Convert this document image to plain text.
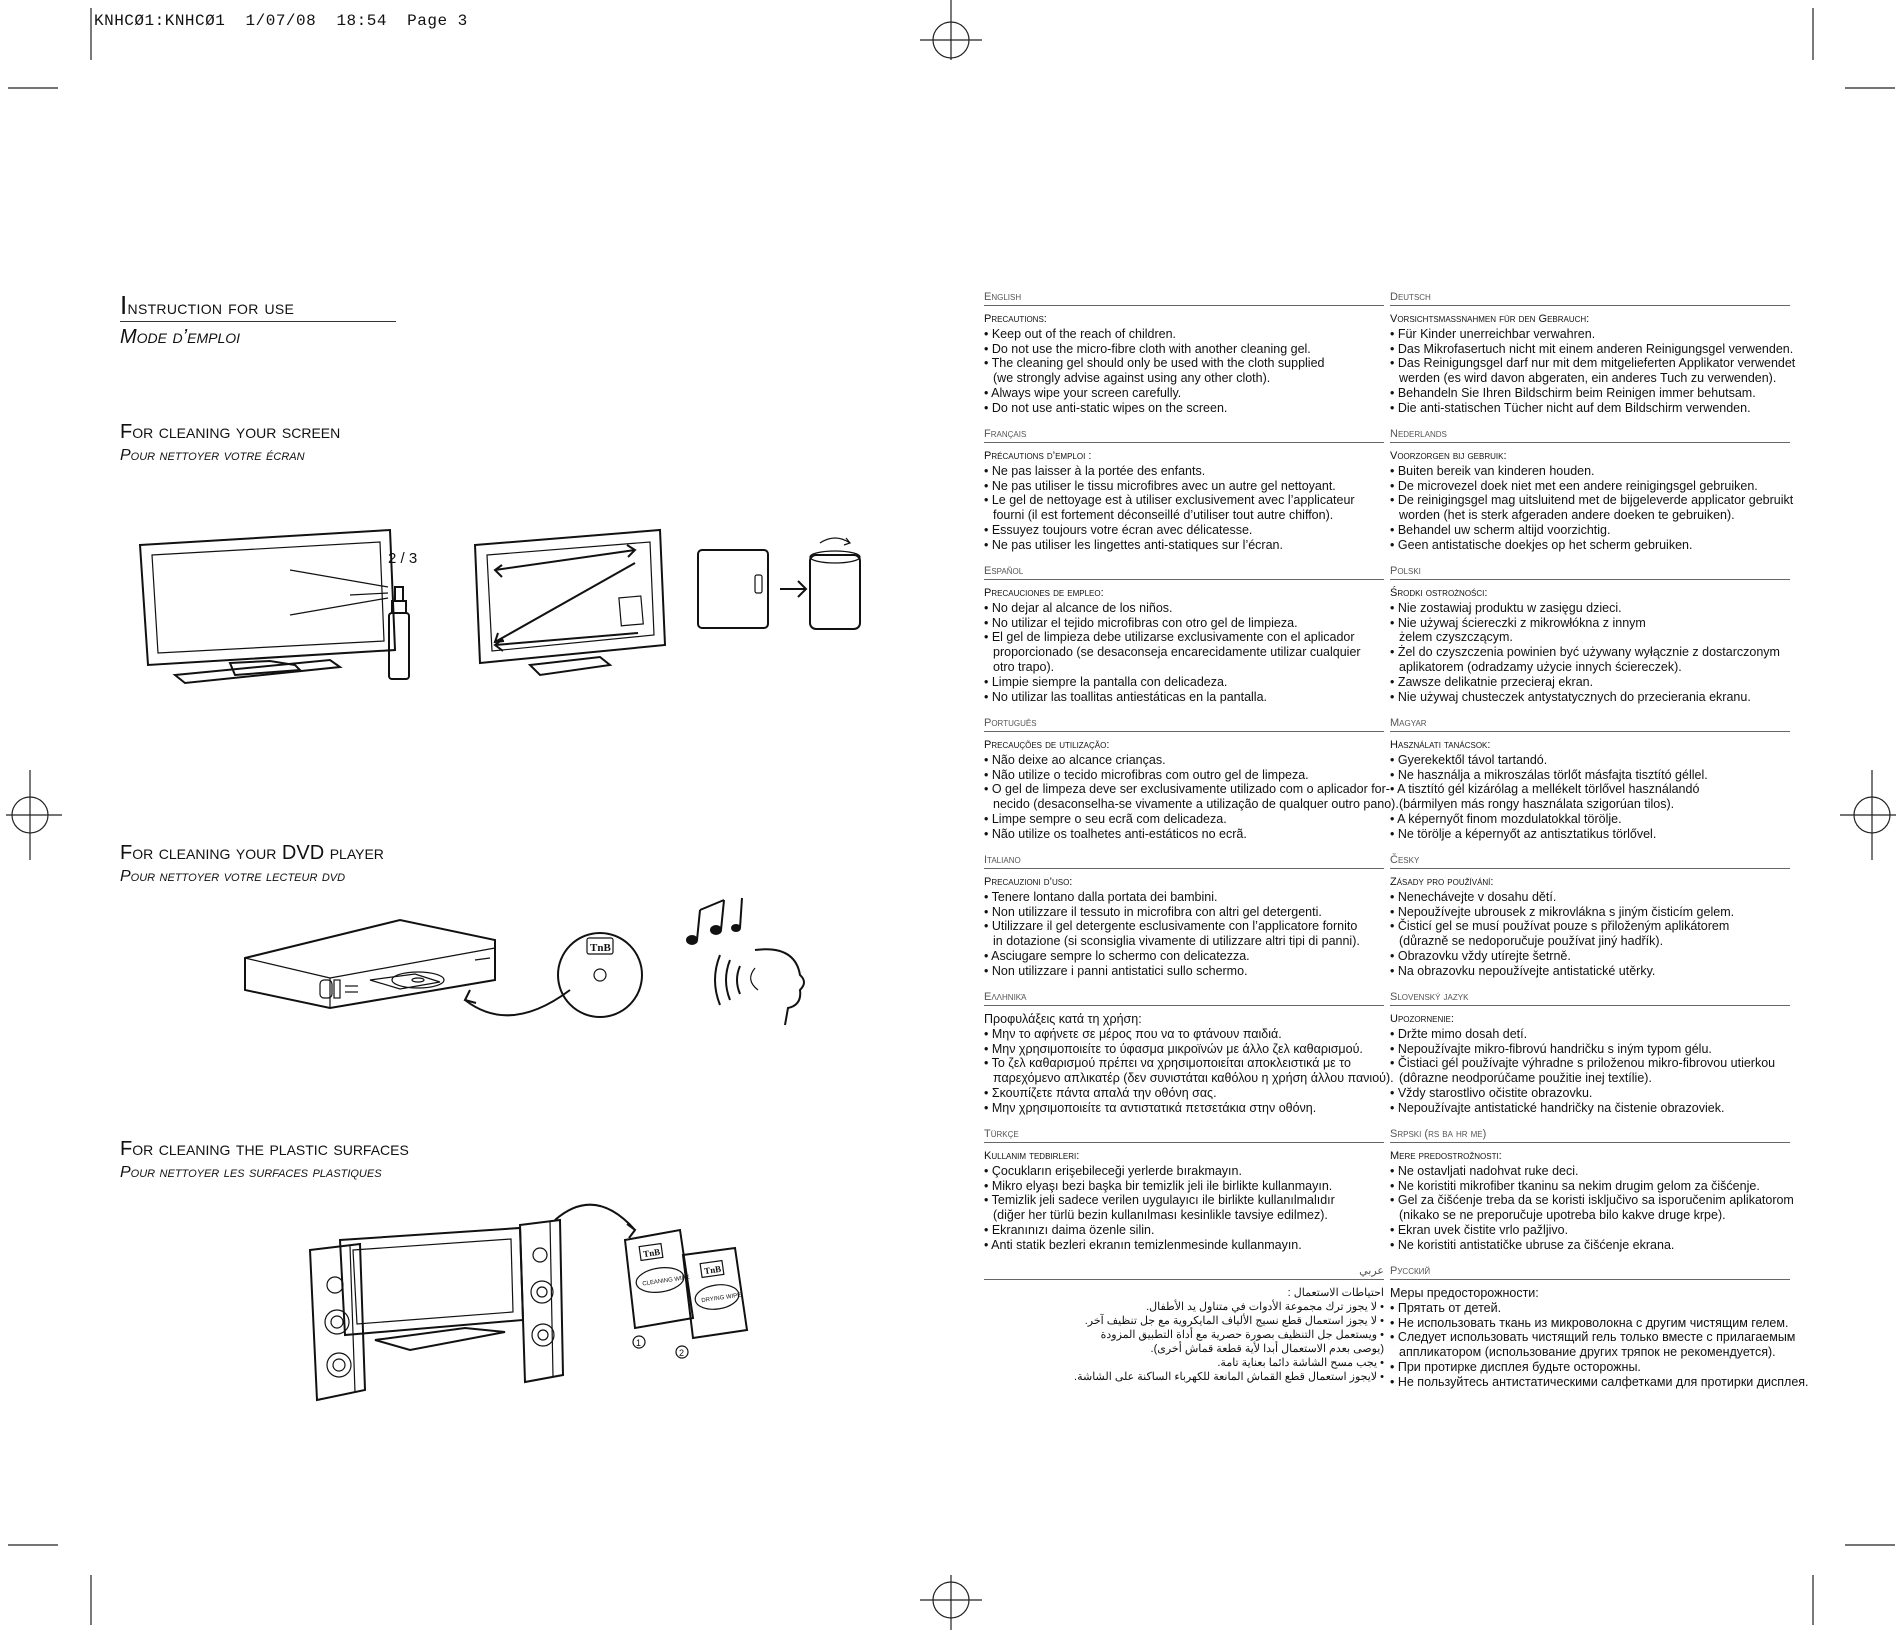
KNHCØ1:KNHCØ1  1/07/08  18:54  Page 3
Instruction for use
Mode d’emploi
For cleaning your screen
Pour nettoyer votre écran
For cleaning your DVD player
Pour nettoyer votre lecteur dvd
For cleaning the plastic surfaces
Pour nettoyer les surfaces plastiques
2 / 3
TnB
TnB
CLEANING WIPE
TnB
DRYING WIPE
1
2
English
Precautions:
• Keep out of the reach of children.
• Do not use the micro-fibre cloth with another cleaning gel.
• The cleaning gel should only be used with the cloth supplied
(we strongly advise against using any other cloth).
• Always wipe your screen carefully.
• Do not use anti-static wipes on the screen.
Deutsch
Vorsichtsmassnahmen für den Gebrauch:
• Für Kinder unerreichbar verwahren.
• Das Mikrofasertuch nicht mit einem anderen Reinigungsgel verwenden.
• Das Reinigungsgel darf nur mit dem mitgelieferten Applikator verwendet
werden (es wird davon abgeraten, ein anderes Tuch zu verwenden).
• Behandeln Sie Ihren Bildschirm beim Reinigen immer behutsam.
• Die anti-statischen Tücher nicht auf dem Bildschirm verwenden.
Français
Précautions d’emploi :
• Ne pas laisser à la portée des enfants.
• Ne pas utiliser le tissu microfibres avec un autre gel nettoyant.
• Le gel de nettoyage est à utiliser exclusivement avec l’applicateur
fourni (il est fortement déconseillé d’utiliser tout autre chiffon).
• Essuyez toujours votre écran avec délicatesse.
• Ne pas utiliser les lingettes anti-statiques sur l’écran.
Nederlands
Voorzorgen bij gebruik:
• Buiten bereik van kinderen houden.
• De microvezel doek niet met een andere reinigingsgel gebruiken.
• De reinigingsgel mag uitsluitend met de bijgeleverde applicator gebruikt
worden (het is sterk afgeraden andere doeken te gebruiken).
• Behandel uw scherm altijd voorzichtig.
• Geen antistatische doekjes op het scherm gebruiken.
Español
Precauciones de empleo:
• No dejar al alcance de los niños.
• No utilizar el tejido microfibras con otro gel de limpieza.
• El gel de limpieza debe utilizarse exclusivamente con el aplicador
proporcionado (se desaconseja encarecidamente utilizar cualquier
otro trapo).
• Limpie siempre la pantalla con delicadeza.
• No utilizar las toallitas antiestáticas en la pantalla.
Polski
Środki ostrożności:
• Nie zostawiaj produktu w zasięgu dzieci.
• Nie używaj ściereczki z mikrowłókna z innym
żelem czyszczącym.
• Żel do czyszczenia powinien być używany wyłącznie z dostarczonym
aplikatorem (odradzamy użycie innych ściereczek).
• Zawsze delikatnie przecieraj ekran.
• Nie używaj chusteczek antystatycznych do przecierania ekranu.
Português
Precauções de utilização:
• Não deixe ao alcance crianças.
• Não utilize o tecido microfibras com outro gel de limpeza.
• O gel de limpeza deve ser exclusivamente utilizado com o aplicador for-
necido (desaconselha-se vivamente a utilização de qualquer outro pano).
• Limpe sempre o seu ecrã com delicadeza.
• Não utilize os toalhetes anti-estáticos no ecrã.
Magyar
Használati tanácsok:
• Gyerekektől távol tartandó.
• Ne használja a mikroszálas törlőt másfajta tisztító géllel.
• A tisztító gél kizárólag a mellékelt törlővel használandó
(bármilyen más rongy használata szigorúan tilos).
• A képernyőt finom mozdulatokkal törölje.
• Ne törölje a képernyőt az antisztatikus törlővel.
Italiano
Precauzioni d’uso:
• Tenere lontano dalla portata dei bambini.
• Non utilizzare il tessuto in microfibra con altri gel detergenti.
• Utilizzare il gel detergente esclusivamente con l’applicatore fornito
in dotazione (si sconsiglia vivamente di utilizzare altri tipi di panni).
• Asciugare sempre lo schermo con delicatezza.
• Non utilizzare i panni antistatici sullo schermo.
Česky
Zásady pro používání:
• Nenechávejte v dosahu dětí.
• Nepoužívejte ubrousek z mikrovlákna s jiným čisticím gelem.
• Čisticí gel se musí používat pouze s přiloženým aplikátorem
(důrazně se nedoporučuje používat jiný hadřík).
• Obrazovku vždy utírejte šetrně.
• Na obrazovku nepoužívejte antistatické utěrky.
Ελληνικά
Προφυλάξεις κατά τη χρήση:
• Μην το αφήνετε σε μέρος που να το φτάνουν παιδιά.
• Μην χρησιμοποιείτε το ύφασμα μικροϊνών με άλλο ζελ καθαρισμού.
• Το ζελ καθαρισμού πρέπει να χρησιμοποιείται αποκλειστικά με το
παρεχόμενο απλικατέρ (δεν συνιστάται καθόλου η χρήση άλλου πανιού).
• Σκουπίζετε πάντα απαλά την οθόνη σας.
• Μην χρησιμοποιείτε τα αντιστατικά πετσετάκια στην οθόνη.
Slovenský jazyk
Upozornenie:
• Držte mimo dosah detí.
• Nepoužívajte mikro-fibrovú handričku s iným typom gélu.
• Čistiaci gél používajte výhradne s priloženou mikro-fibrovou utierkou
(dôrazne neodporúčame použitie inej textílie).
• Vždy starostlivo očistite obrazovku.
• Nepoužívajte antistatické handričky na čistenie obrazoviek.
Türkçe
Kullanim tedbirleri:
• Çocukların erişebileceği yerlerde bırakmayın.
• Mikro elyaşı bezi başka bir temizlik jeli ile birlikte kullanmayın.
• Temizlik jeli sadece verilen uygulayıcı ile birlikte kullanılmalıdır
(diğer her türlü bezin kullanılması kesinlikle tavsiye edilmez).
• Ekranınızı daima özenle silin.
• Anti statik bezleri ekranın temizlenmesinde kullanmayın.
Srpski (rs ba hr me)
Mere predostrožnosti:
• Ne ostavljati nadohvat ruke deci.
• Ne koristiti mikrofiber tkaninu sa nekim drugim gelom za čišćenje.
• Gel za čišćenje treba da se koristi isključivo sa isporučenim aplikatorom
(nikako se ne preporučuje upotreba bilo kakve druge krpe).
• Ekran uvek čistite vrlo pažljivo.
• Ne koristiti antistatičke ubruse za čišćenje ekrana.
عربي
احتياطات الاستعمال :
• لا يجوز ترك مجموعة الأدوات في متناول يد الأطفال.
• لا يجوز استعمال قطع نسيج الألياف المايكروية مع جل تنظيف آخر.
• ويستعمل جل التنظيف بصورة حصرية مع أداة التطبيق المزودة
(يوصى بعدم الاستعمال أبدا لأية قطعة قماش أخرى).
• يجب مسح الشاشة دائما بعناية تامة.
• لايجوز استعمال قطع القماش المانعة للكهرباء الساكنة على الشاشة.
Русский
Меры предосторожности:
• Прятать от детей.
• Не использовать ткань из микроволокна с другим чистящим гелем.
• Следует использовать чистящий гель только вместе с прилагаемым
аппликатором (использование других тряпок не рекомендуется).
• При протирке дисплея будьте осторожны.
• Не пользуйтесь антистатическими салфетками для протирки дисплея.
